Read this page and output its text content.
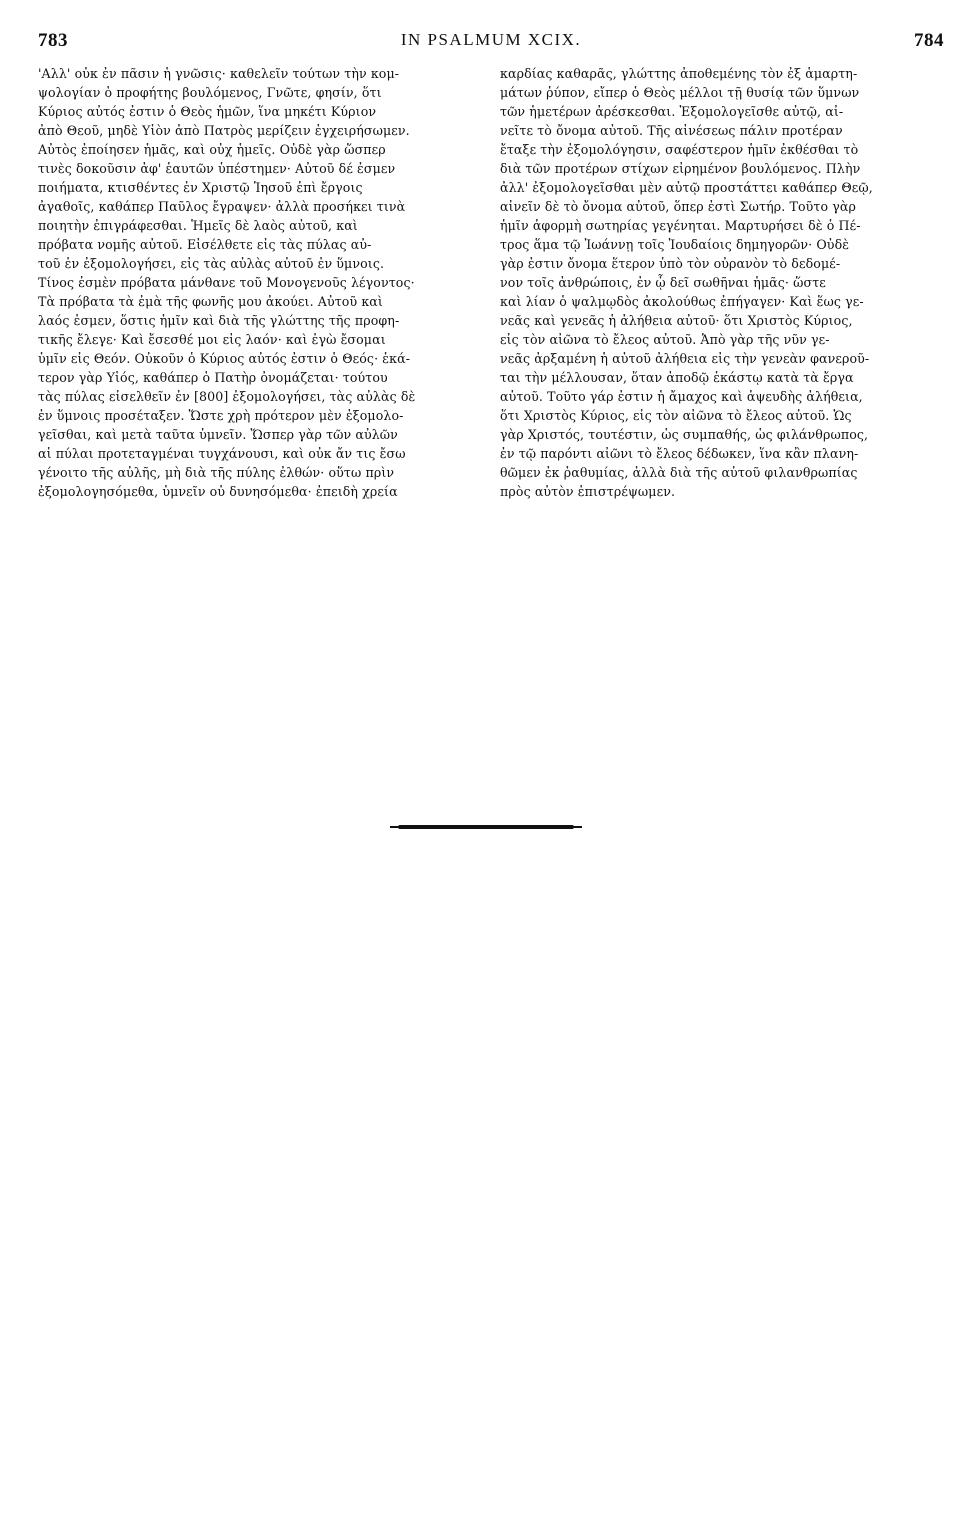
783	IN PSALMUM XCIX.	784
'Αλλ' οὐκ ἐν πᾶσιν ἡ γνῶσις· καθελεῖν τούτων τὴν κομ-
ψολογίαν ὁ προφήτης βουλόμενος, Γνῶτε, φησίν, ὅτι
Κύριος αὐτός ἐστιν ὁ Θεὸς ἡμῶν, ἵνα μηκέτι Κύριον
ἀπὸ Θεοῦ, μηδὲ Υἱὸν ἀπὸ Πατρὸς μερίζειν ἐγχειρήσωμεν.
Αὐτὸς ἐποίησεν ἡμᾶς, καὶ οὐχ ἡμεῖς. Οὐδὲ γὰρ ὥσπερ
τινὲς δοκοῦσιν ἀφ' ἑαυτῶν ὑπέστημεν· Αὐτοῦ δέ ἐσμεν
ποιήματα, κτισθέντες ἐν Χριστῷ Ἰησοῦ ἐπὶ ἔργοις
ἀγαθοῖς, καθάπερ Παῦλος ἔγραψεν· ἀλλὰ προσήκει τινὰ
ποιητὴν ἐπιγράφεσθαι. Ἡμεῖς δὲ λαὸς αὐτοῦ, καὶ
πρόβατα νομῆς αὐτοῦ. Εἰσέλθετε εἰς τὰς πύλας αὐ-
τοῦ ἐν ἐξομολογήσει, εἰς τὰς αὐλὰς αὐτοῦ ἐν ὕμνοις.
Τίνος ἐσμὲν πρόβατα μάνθανε τοῦ Μονογενοῦς λέγοντος·
Τὰ πρόβατα τὰ ἐμὰ τῆς φωνῆς μου ἀκούει. Αὐτοῦ καὶ
λαός ἐσμεν, ὅστις ἡμῖν καὶ διὰ τῆς γλώττης τῆς προφη-
τικῆς ἔλεγε· Καὶ ἔσεσθέ μοι εἰς λαόν· καὶ ἐγὼ ἔσομαι
ὑμῖν εἰς Θεόν. Οὐκοῦν ὁ Κύριος αὐτός ἐστιν ὁ Θεός· ἑκά-
τερον γὰρ Υἱός, καθάπερ ὁ Πατὴρ ὀνομάζεται· τούτου
τὰς πύλας εἰσελθεῖν ἐν [800] ἐξομολογήσει, τὰς αὐλὰς δὲ
ἐν ὕμνοις προσέταξεν. Ὥστε χρὴ πρότερον μὲν ἐξομολο-
γεῖσθαι, καὶ μετὰ ταῦτα ὑμνεῖν. Ὥσπερ γὰρ τῶν αὐλῶν
αἱ πύλαι προτεταγμέναι τυγχάνουσι, καὶ οὐκ ἄν τις ἔσω
γένοιτο τῆς αὐλῆς, μὴ διὰ τῆς πύλης ἐλθών· οὕτω πρὶν
ἐξομολογησόμεθα, ὑμνεῖν οὐ δυνησόμεθα· ἐπειδὴ χρεία
καρδίας καθαρᾶς, γλώττης ἀποθεμένης τὸν ἐξ ἁμαρτη-
μάτων ῥύπον, εἴπερ ὁ Θεὸς μέλλοι τῇ θυσίᾳ τῶν ὕμνων
τῶν ἡμετέρων ἀρέσκεσθαι. Ἐξομολογεῖσθε αὐτῷ, αἰ-
νεῖτε τὸ ὄνομα αὐτοῦ. Τῆς αἰνέσεως πάλιν προτέραν
ἔταξε τὴν ἐξομολόγησιν, σαφέστερον ἡμῖν ἐκθέσθαι τὸ
διὰ τῶν προτέρων στίχων εἰρημένον βουλόμενος. Πλὴν
ἀλλ' ἐξομολογεῖσθαι μὲν αὐτῷ προστάττει καθάπερ Θεῷ,
αἰνεῖν δὲ τὸ ὄνομα αὐτοῦ, ὅπερ ἐστὶ Σωτήρ. Τοῦτο γὰρ
ἡμῖν ἀφορμὴ σωτηρίας γεγένηται. Μαρτυρήσει δὲ ὁ Πέ-
τρος ἅμα τῷ Ἰωάννῃ τοῖς Ἰουδαίοις δημηγορῶν· Οὐδὲ
γὰρ ἐστιν ὄνομα ἕτερον ὑπὸ τὸν οὐρανὸν τὸ δεδομέ-
νον τοῖς ἀνθρώποις, ἐν ᾧ δεῖ σωθῆναι ἡμᾶς· ὥστε
καὶ λίαν ὁ ψαλμῳδὸς ἀκολούθως ἐπήγαγεν· Καὶ ἕως γε-
νεᾶς καὶ γενεᾶς ἡ ἀλήθεια αὐτοῦ· ὅτι Χριστὸς Κύριος,
εἰς τὸν αἰῶνα τὸ ἔλεος αὐτοῦ. Ἀπὸ γὰρ τῆς νῦν γε-
νεᾶς ἀρξαμένη ἡ αὐτοῦ ἀλήθεια εἰς τὴν γενεὰν φανεροῦ-
ται τὴν μέλλουσαν, ὅταν ἀποδῷ ἑκάστῳ κατὰ τὰ ἔργα
αὐτοῦ. Τοῦτο γάρ ἐστιν ἡ ἄμαχος καὶ ἀψευδὴς ἀλήθεια,
ὅτι Χριστὸς Κύριος, εἰς τὸν αἰῶνα τὸ ἔλεος αὐτοῦ. Ὡς
γὰρ Χριστός, τουτέστιν, ὡς συμπαθής, ὡς φιλάνθρωπος,
ἐν τῷ παρόντι αἰῶνι τὸ ἔλεος δέδωκεν, ἵνα κἂν πλανη-
θῶμεν ἐκ ῥαθυμίας, ἀλλὰ διὰ τῆς αὐτοῦ φιλανθρωπίας
πρὸς αὐτὸν ἐπιστρέψωμεν.
